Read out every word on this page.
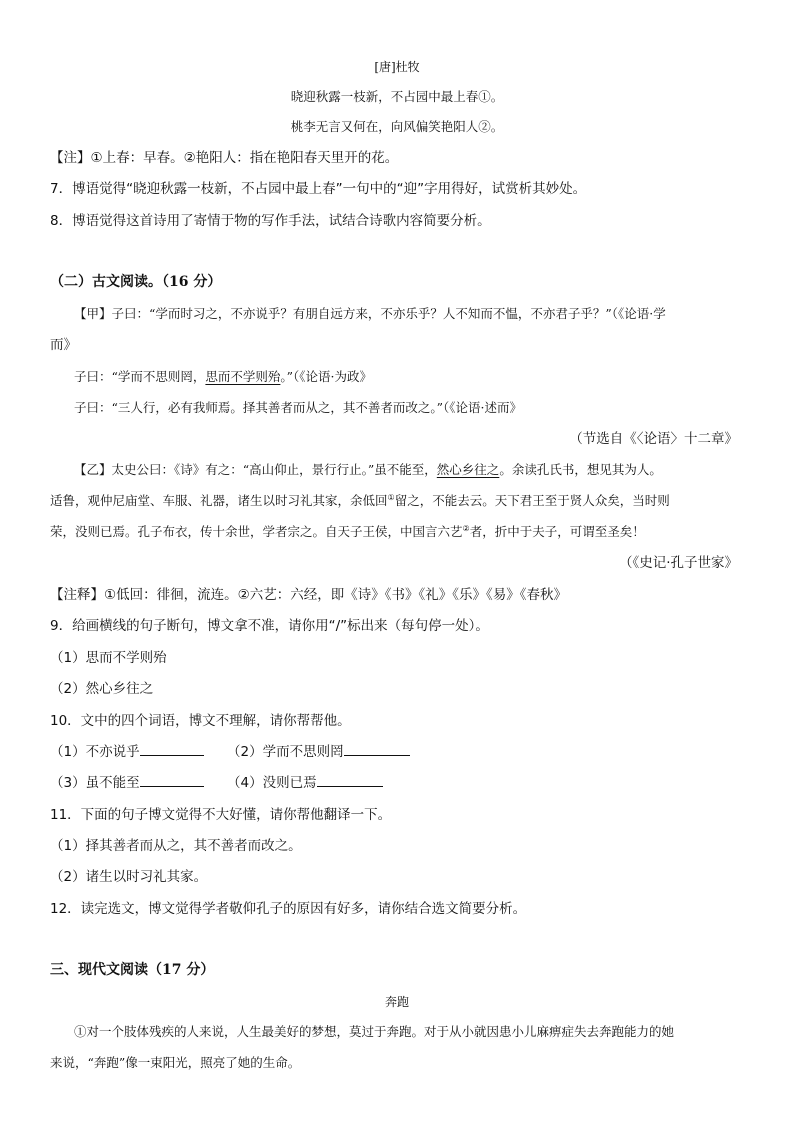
[唐]杜牧
晓迎秋露一枝新，不占园中最上春①。
桃李无言又何在，向风偏笑艳阳人②。
【注】①上春：早春。②艳阳人：指在艳阳春天里开的花。
7．博语觉得“晓迎秋露一枝新，不占园中最上春”一句中的“迎”字用得好，试赏析其妙处。
8．博语觉得这首诗用了寄情于物的写作手法，试结合诗歌内容简要分析。
（二）古文阅读。（16 分）
【甲】子曰：“学而时习之，不亦说乎？有朋自远方来，不亦乐乎？人不知而不愠，不亦君子乎？”（《论语·学
而》
子曰：“学而不思则罔，思而不学则殆。”（《论语·为政》
子曰：“三人行，必有我师焉。择其善者而从之，其不善者而改之。”（《论语·述而》
（节选自《〈论语〉十二章》
【乙】太史公曰：《诗》有之：“高山仰止，景行行止。”虽不能至，然心乡往之。余读孔氏书，想见其为人。
适鲁，观仲尼庙堂、车服、礼器，诸生以时习礼其家，余低回①留之，不能去云。天下君王至于贤人众矣，当时则
荣，没则已焉。孔子布衣，传十余世，学者宗之。自天子王侯，中国言六艺②者，折中于夫子，可谓至圣矣！
（《史记·孔子世家》
【注释】①低回：徘徊，流连。②六艺：六经，即《诗》《书》《礼》《乐》《易》《春秋》
9．给画横线的句子断句，博文拿不准，请你用“/”标出来（每句停一处）。
（1）思而不学则殆
（2）然心乡往之
10．文中的四个词语，博文不理解，请你帮帮他。
（1）不亦说乎	（2）学而不思则罔
（3）虽不能至	（4）没则已焉
11．下面的句子博文觉得不大好懂，请你帮他翻译一下。
（1）择其善者而从之，其不善者而改之。
（2）诸生以时习礼其家。
12．读完选文，博文觉得学者敬仰孔子的原因有好多，请你结合选文简要分析。
三、现代文阅读（17 分）
奔跑
①对一个肢体残疾的人来说，人生最美好的梦想，莫过于奔跑。对于从小就因患小儿麻痹症失去奔跑能力的她
来说，“奔跑”像一束阳光，照亮了她的生命。
